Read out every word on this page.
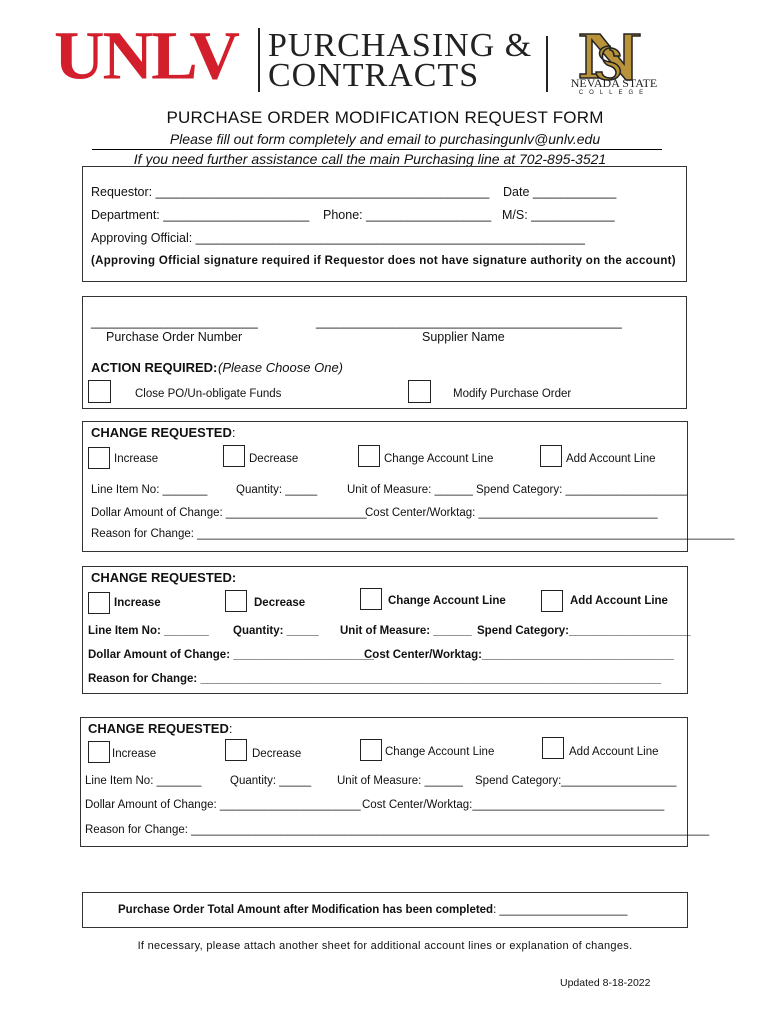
UNLV PURCHASING &
CONTRACTS	NEVADA STATE
COLLEGE
PURCHASE ORDER MODIFICATION REQUEST FORM
Please fill out form completely and email to purchasingunlv@unlv.edu
If you need further assistance call the main Purchasing line at 702-895-3521
Requestor: ________________________________________________ Date ____________
Department: _____________________ Phone: __________________ M/S: ____________
Approving Official: ________________________________________________________
(Approving Official signature required if Requestor does not have signature authority on the account)
________________________
Purchase Order Number
____________________________________________
Supplier Name
ACTION REQUIRED: (Please Choose One)
Close PO/Un-obligate Funds	Modify Purchase Order
CHANGE REQUESTED:
Increase	Decrease	Change Account Line	Add Account Line
Line Item No: _______ Quantity: _____	Unit of Measure: ______ Spend Category: ___________________
Dollar Amount of Change: ______________________
Cost Center/Worktag: ____________________________
Reason for Change: ____________________________________________________________________________________
CHANGE REQUESTED:
Increase	Decrease	Change Account Line	Add Account Line
Line Item No: _______ Quantity: _____ Unit of Measure: ______ Spend Category:___________________
Dollar Amount of Change: ______________________
Cost Center/Worktag:______________________________
Reason for Change: ________________________________________________________________________
CHANGE REQUESTED:
Increase	Decrease	Change Account Line	Add Account Line
Line Item No: _______ Quantity: _____ Unit of Measure: ______ Spend Category:__________________
Dollar Amount of Change: ______________________ Cost Center/Worktag:______________________________
Reason for Change: _________________________________________________________________________________
Purchase Order Total Amount after Modification has been completed: ____________________
If necessary, please attach another sheet for additional account lines or explanation of changes.
Updated 8-18-2022
